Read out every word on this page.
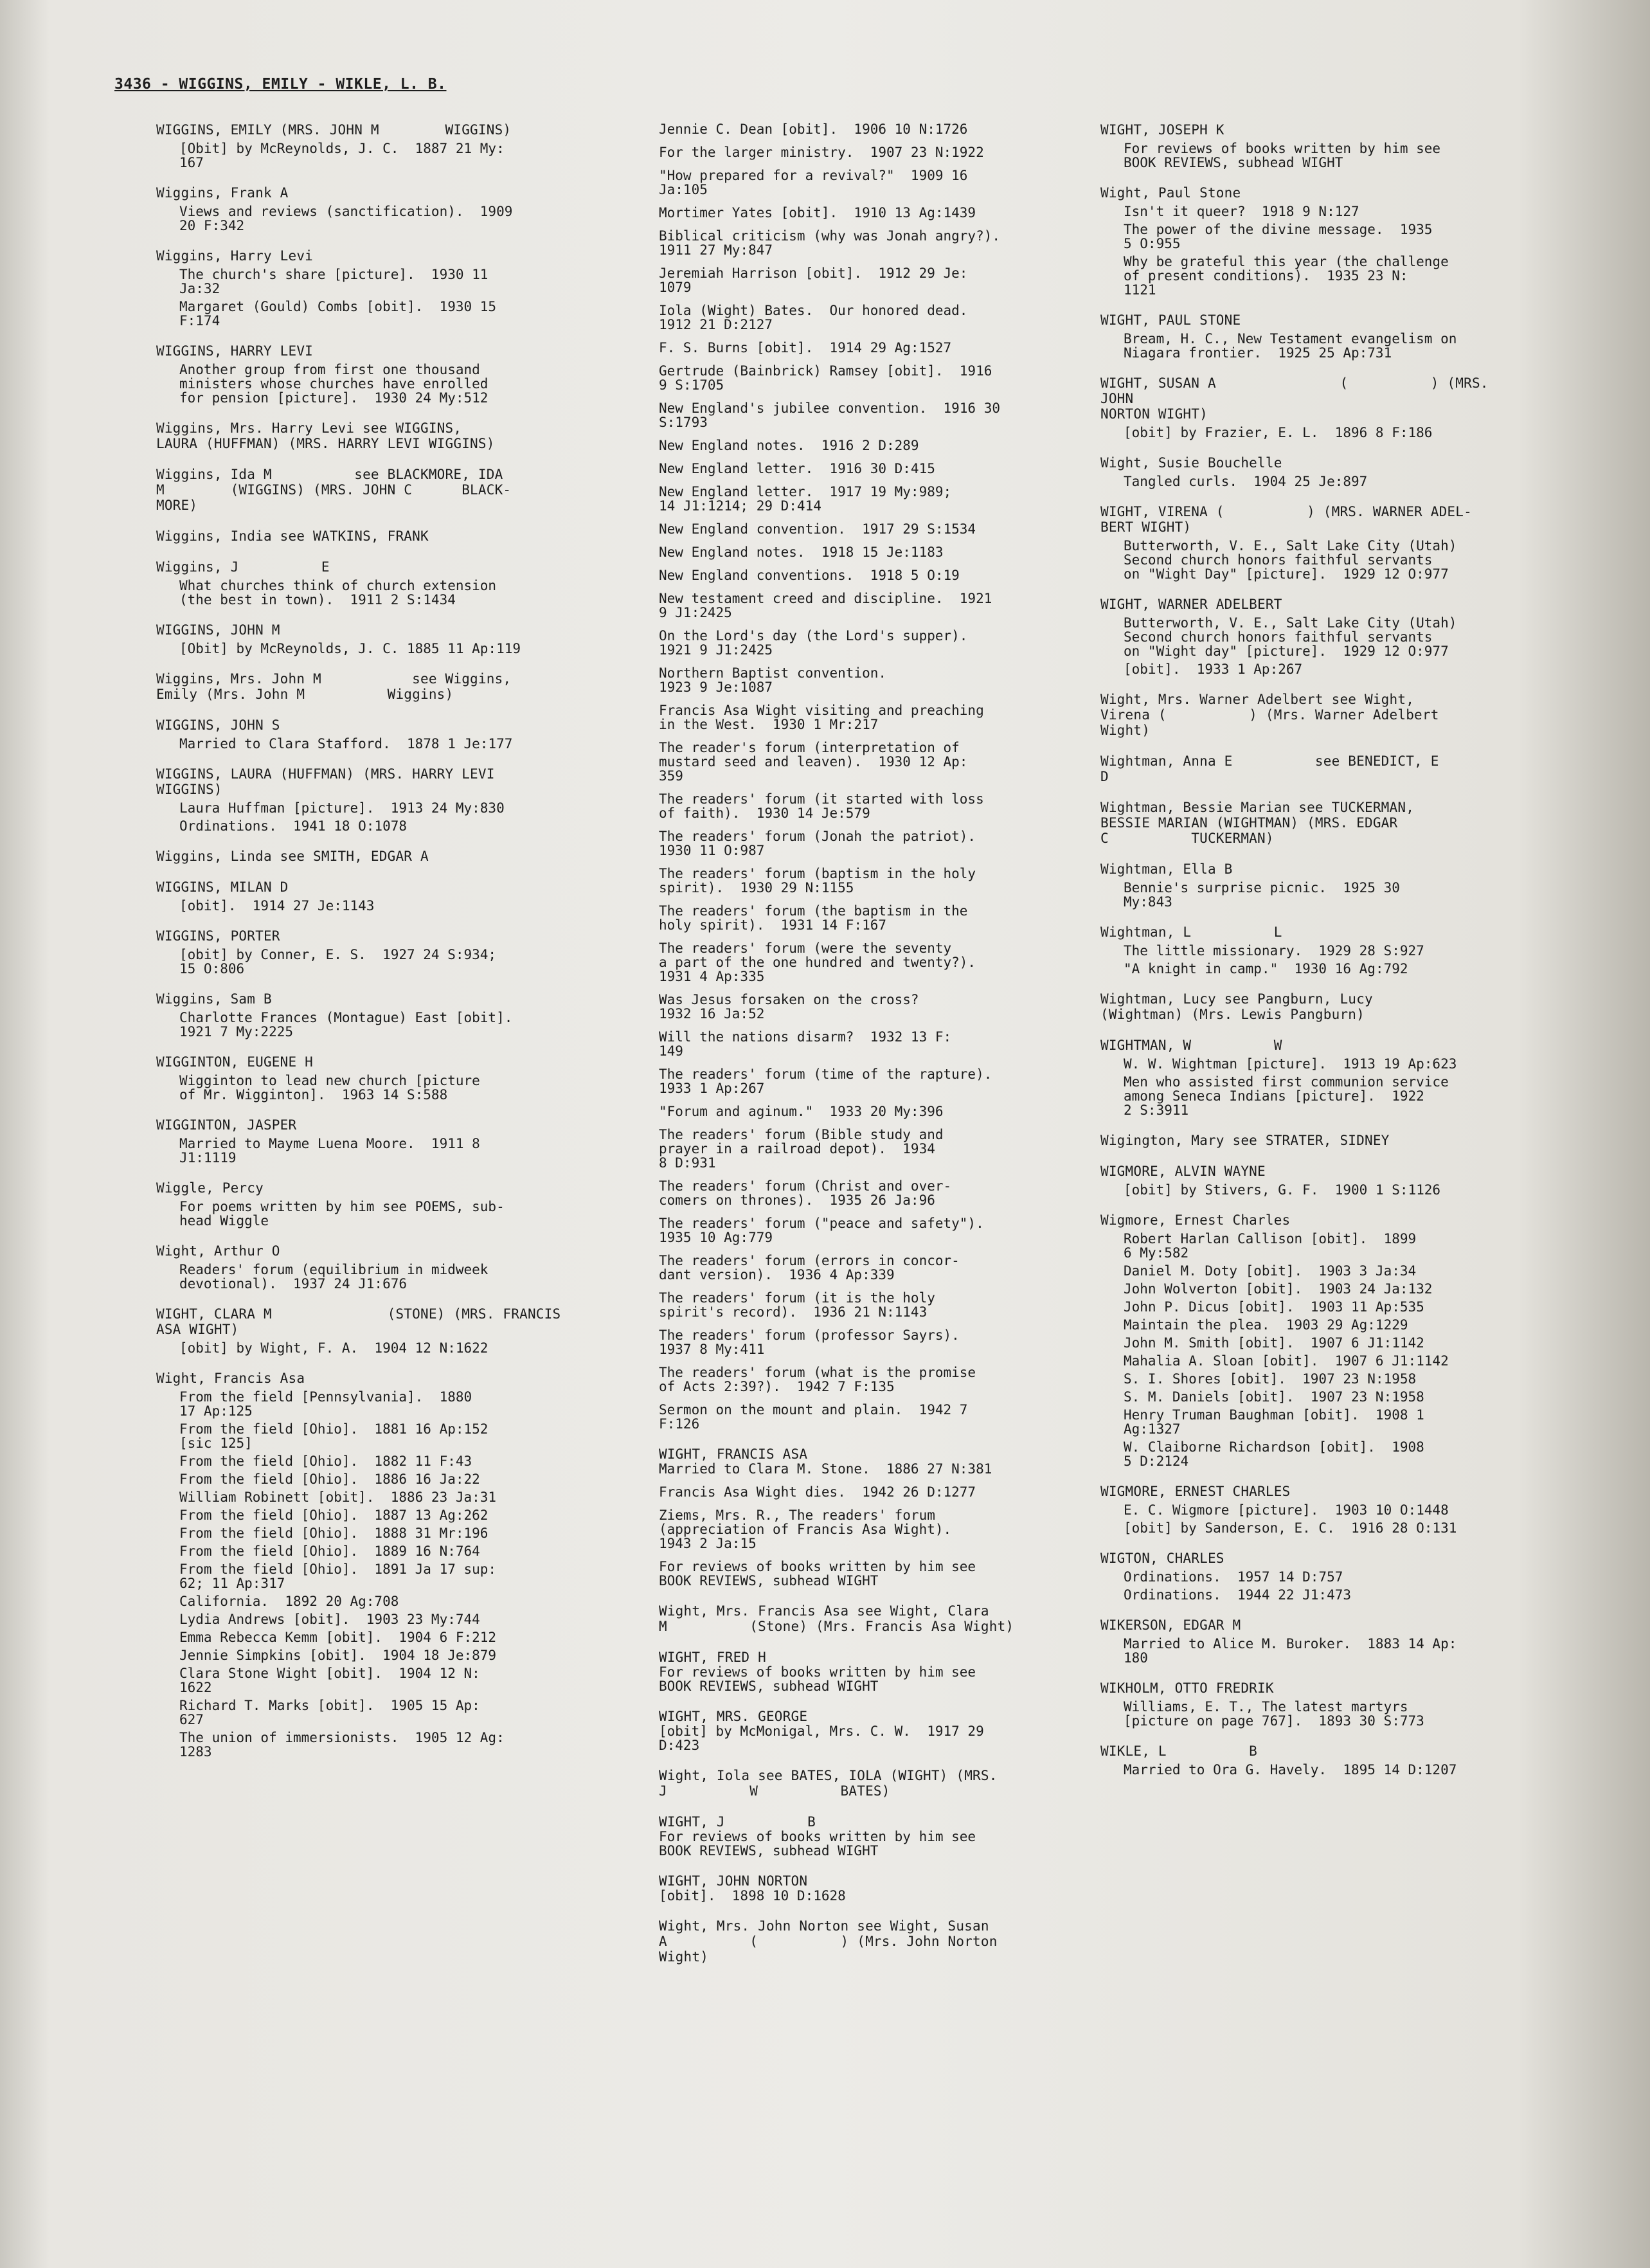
3436 - WIGGINS, EMILY - WIKLE, L. B.
WIGGINS, EMILY (MRS. JOHN M        WIGGINS)
[Obit] by McReynolds, J. C.  1887 21 My:
167
Wiggins, Frank A
Views and reviews (sanctification).  1909
20 F:342
Wiggins, Harry Levi
The church's share [picture].  1930 11
Ja:32
Margaret (Gould) Combs [obit].  1930 15
F:174
WIGGINS, HARRY LEVI
Another group from first one thousand
ministers whose churches have enrolled
for pension [picture].  1930 24 My:512
Wiggins, Mrs. Harry Levi see WIGGINS,
LAURA (HUFFMAN) (MRS. HARRY LEVI WIGGINS)
Wiggins, Ida M          see BLACKMORE, IDA
M        (WIGGINS) (MRS. JOHN C      BLACK-
MORE)
Wiggins, India see WATKINS, FRANK
Wiggins, J          E
What churches think of church extension
(the best in town).  1911 2 S:1434
WIGGINS, JOHN M
[Obit] by McReynolds, J. C. 1885 11 Ap:119
Wiggins, Mrs. John M           see Wiggins,
Emily (Mrs. John M          Wiggins)
WIGGINS, JOHN S
Married to Clara Stafford.  1878 1 Je:177
WIGGINS, LAURA (HUFFMAN) (MRS. HARRY LEVI
WIGGINS)
Laura Huffman [picture].  1913 24 My:830
Ordinations.  1941 18 O:1078
Wiggins, Linda see SMITH, EDGAR A
WIGGINS, MILAN D
[obit].  1914 27 Je:1143
WIGGINS, PORTER
[obit] by Conner, E. S.  1927 24 S:934;
15 O:806
Wiggins, Sam B
Charlotte Frances (Montague) East [obit].
1921 7 My:2225
WIGGINTON, EUGENE H
Wigginton to lead new church [picture
of Mr. Wigginton].  1963 14 S:588
WIGGINTON, JASPER
Married to Mayme Luena Moore.  1911 8
J1:1119
Wiggle, Percy
For poems written by him see POEMS, sub-
head Wiggle
Wight, Arthur O
Readers' forum (equilibrium in midweek
devotional).  1937 24 J1:676
WIGHT, CLARA M              (STONE) (MRS. FRANCIS
ASA WIGHT)
[obit] by Wight, F. A.  1904 12 N:1622
Wight, Francis Asa
From the field [Pennsylvania].  1880
17 Ap:125
From the field [Ohio].  1881 16 Ap:152
[sic 125]
From the field [Ohio].  1882 11 F:43
From the field [Ohio].  1886 16 Ja:22
William Robinett [obit].  1886 23 Ja:31
From the field [Ohio].  1887 13 Ag:262
From the field [Ohio].  1888 31 Mr:196
From the field [Ohio].  1889 16 N:764
From the field [Ohio].  1891 Ja 17 sup:
62; 11 Ap:317
California.  1892 20 Ag:708
Lydia Andrews [obit].  1903 23 My:744
Emma Rebecca Kemm [obit].  1904 6 F:212
Jennie Simpkins [obit].  1904 18 Je:879
Clara Stone Wight [obit].  1904 12 N:
1622
Richard T. Marks [obit].  1905 15 Ap:
627
The union of immersionists.  1905 12 Ag:
1283
Jennie C. Dean [obit].  1906 10 N:1726
For the larger ministry.  1907 23 N:1922
"How prepared for a revival?"  1909 16
Ja:105
Mortimer Yates [obit].  1910 13 Ag:1439
Biblical criticism (why was Jonah angry?).
1911 27 My:847
Jeremiah Harrison [obit].  1912 29 Je:
1079
Iola (Wight) Bates.  Our honored dead.
1912 21 D:2127
F. S. Burns [obit].  1914 29 Ag:1527
Gertrude (Bainbrick) Ramsey [obit].  1916
9 S:1705
New England's jubilee convention.  1916 30
S:1793
New England notes.  1916 2 D:289
New England letter.  1916 30 D:415
New England letter.  1917 19 My:989;
14 J1:1214; 29 D:414
New England convention.  1917 29 S:1534
New England notes.  1918 15 Je:1183
New England conventions.  1918 5 O:19
New testament creed and discipline.  1921
9 J1:2425
On the Lord's day (the Lord's supper).
1921 9 J1:2425
Northern Baptist convention.
1923 9 Je:1087
Francis Asa Wight visiting and preaching
in the West.  1930 1 Mr:217
The reader's forum (interpretation of
mustard seed and leaven).  1930 12 Ap:
359
The readers' forum (it started with loss
of faith).  1930 14 Je:579
The readers' forum (Jonah the patriot).
1930 11 O:987
The readers' forum (baptism in the holy
spirit).  1930 29 N:1155
The readers' forum (the baptism in the
holy spirit).  1931 14 F:167
The readers' forum (were the seventy
a part of the one hundred and twenty?).
1931 4 Ap:335
Was Jesus forsaken on the cross?
1932 16 Ja:52
Will the nations disarm?  1932 13 F:
149
The readers' forum (time of the rapture).
1933 1 Ap:267
"Forum and aginum."  1933 20 My:396
The readers' forum (Bible study and
prayer in a railroad depot).  1934
8 D:931
The readers' forum (Christ and over-
comers on thrones).  1935 26 Ja:96
The readers' forum ("peace and safety").
1935 10 Ag:779
The readers' forum (errors in concor-
dant version).  1936 4 Ap:339
The readers' forum (it is the holy
spirit's record).  1936 21 N:1143
The readers' forum (professor Sayrs).
1937 8 My:411
The readers' forum (what is the promise
of Acts 2:39?).  1942 7 F:135
Sermon on the mount and plain.  1942 7
F:126
WIGHT, FRANCIS ASA
Married to Clara M. Stone.  1886 27 N:381
Francis Asa Wight dies.  1942 26 D:1277
Ziems, Mrs. R., The readers' forum
(appreciation of Francis Asa Wight).
1943 2 Ja:15
For reviews of books written by him see
BOOK REVIEWS, subhead WIGHT
Wight, Mrs. Francis Asa see Wight, Clara
M          (Stone) (Mrs. Francis Asa Wight)
WIGHT, FRED H
For reviews of books written by him see
BOOK REVIEWS, subhead WIGHT
WIGHT, MRS. GEORGE
[obit] by McMonigal, Mrs. C. W.  1917 29
D:423
Wight, Iola see BATES, IOLA (WIGHT) (MRS.
J          W          BATES)
WIGHT, J          B
For reviews of books written by him see
BOOK REVIEWS, subhead WIGHT
WIGHT, JOHN NORTON
[obit].  1898 10 D:1628
Wight, Mrs. John Norton see Wight, Susan
A          (          ) (Mrs. John Norton
Wight)
WIGHT, JOSEPH K
For reviews of books written by him see
BOOK REVIEWS, subhead WIGHT
Wight, Paul Stone
Isn't it queer?  1918 9 N:127
The power of the divine message.  1935
5 O:955
Why be grateful this year (the challenge
of present conditions).  1935 23 N:
1121
WIGHT, PAUL STONE
Bream, H. C., New Testament evangelism on
Niagara frontier.  1925 25 Ap:731
WIGHT, SUSAN A               (          ) (MRS. JOHN
NORTON WIGHT)
[obit] by Frazier, E. L.  1896 8 F:186
Wight, Susie Bouchelle
Tangled curls.  1904 25 Je:897
WIGHT, VIRENA (          ) (MRS. WARNER ADEL-
BERT WIGHT)
Butterworth, V. E., Salt Lake City (Utah)
Second church honors faithful servants
on "Wight Day" [picture].  1929 12 O:977
WIGHT, WARNER ADELBERT
Butterworth, V. E., Salt Lake City (Utah)
Second church honors faithful servants
on "Wight day" [picture].  1929 12 O:977
[obit].  1933 1 Ap:267
Wight, Mrs. Warner Adelbert see Wight,
Virena (          ) (Mrs. Warner Adelbert
Wight)
Wightman, Anna E          see BENEDICT, E
D
Wightman, Bessie Marian see TUCKERMAN,
BESSIE MARIAN (WIGHTMAN) (MRS. EDGAR
C          TUCKERMAN)
Wightman, Ella B
Bennie's surprise picnic.  1925 30
My:843
Wightman, L          L
The little missionary.  1929 28 S:927
"A knight in camp."  1930 16 Ag:792
Wightman, Lucy see Pangburn, Lucy
(Wightman) (Mrs. Lewis Pangburn)
WIGHTMAN, W          W
W. W. Wightman [picture].  1913 19 Ap:623
Men who assisted first communion service
among Seneca Indians [picture].  1922
2 S:3911
Wigington, Mary see STRATER, SIDNEY
WIGMORE, ALVIN WAYNE
[obit] by Stivers, G. F.  1900 1 S:1126
Wigmore, Ernest Charles
Robert Harlan Callison [obit].  1899
6 My:582
Daniel M. Doty [obit].  1903 3 Ja:34
John Wolverton [obit].  1903 24 Ja:132
John P. Dicus [obit].  1903 11 Ap:535
Maintain the plea.  1903 29 Ag:1229
John M. Smith [obit].  1907 6 J1:1142
Mahalia A. Sloan [obit].  1907 6 J1:1142
S. I. Shores [obit].  1907 23 N:1958
S. M. Daniels [obit].  1907 23 N:1958
Henry Truman Baughman [obit].  1908 1
Ag:1327
W. Claiborne Richardson [obit].  1908
5 D:2124
WIGMORE, ERNEST CHARLES
E. C. Wigmore [picture].  1903 10 O:1448
[obit] by Sanderson, E. C.  1916 28 O:131
WIGTON, CHARLES
Ordinations.  1957 14 D:757
Ordinations.  1944 22 J1:473
WIKERSON, EDGAR M
Married to Alice M. Buroker.  1883 14 Ap:
180
WIKHOLM, OTTO FREDRIK
Williams, E. T., The latest martyrs
[picture on page 767].  1893 30 S:773
WIKLE, L          B
Married to Ora G. Havely.  1895 14 D:1207
